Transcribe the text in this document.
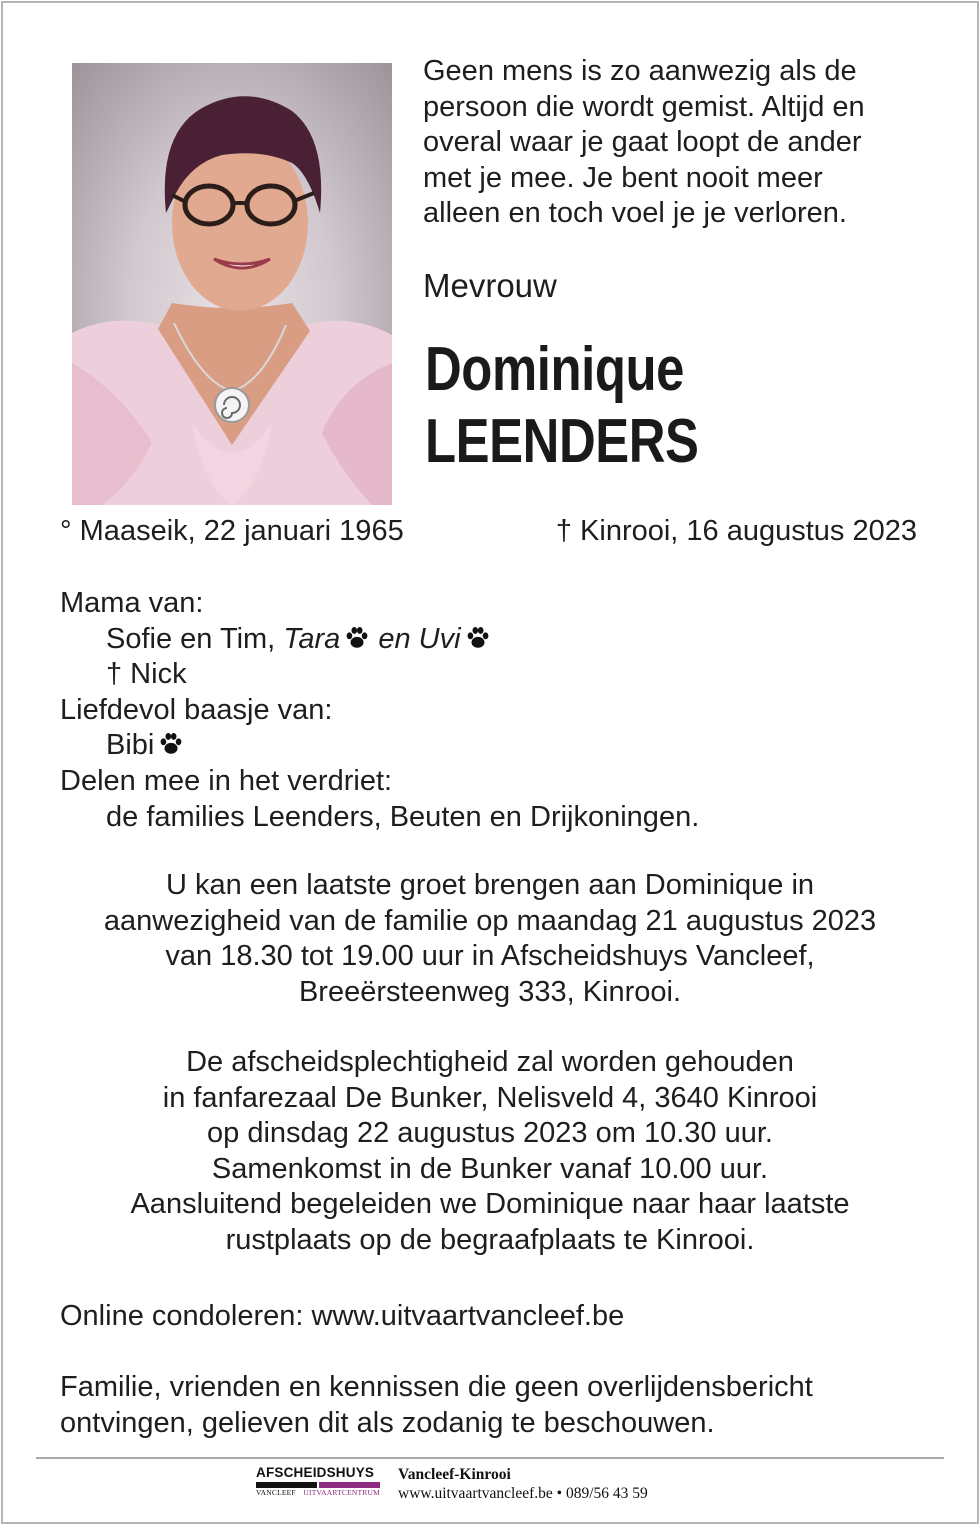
Geen mens is zo aanwezig als de
persoon die wordt gemist. Altijd en
overal waar je gaat loopt de ander
met je mee. Je bent nooit meer
alleen en toch voel je je verloren.

Mevrouw
Dominique
LEENDERS
° Maaseik, 22 januari 1965	† Kinrooi, 16 augustus 2023
Mama van:
Sofie en Tim, Tara en Uvi
† Nick
Liefdevol baasje van:
Bibi
Delen mee in het verdriet:
de families Leenders, Beuten en Drijkoningen.

U kan een laatste groet brengen aan Dominique in
aanwezigheid van de familie op maandag 21 augustus 2023
van 18.30 tot 19.00 uur in Afscheidshuys Vancleef,
Breeërsteenweg 333, Kinrooi.

De afscheidsplechtigheid zal worden gehouden
in fanfarezaal De Bunker, Nelisveld 4, 3640 Kinrooi
op dinsdag 22 augustus 2023 om 10.30 uur.
Samenkomst in de Bunker vanaf 10.00 uur.
Aansluitend begeleiden we Dominique naar haar laatste
rustplaats op de begraafplaats te Kinrooi.

Online condoleren: www.uitvaartvancleef.be

Familie, vrienden en kennissen die geen overlijdensbericht
ontvingen, gelieven dit als zodanig te beschouwen.

AFSCHEIDSHUYS
VANCLEEF UITVAARTCENTRUM
Vancleef-Kinrooi
www.uitvaartvancleef.be • 089/56 43 59
